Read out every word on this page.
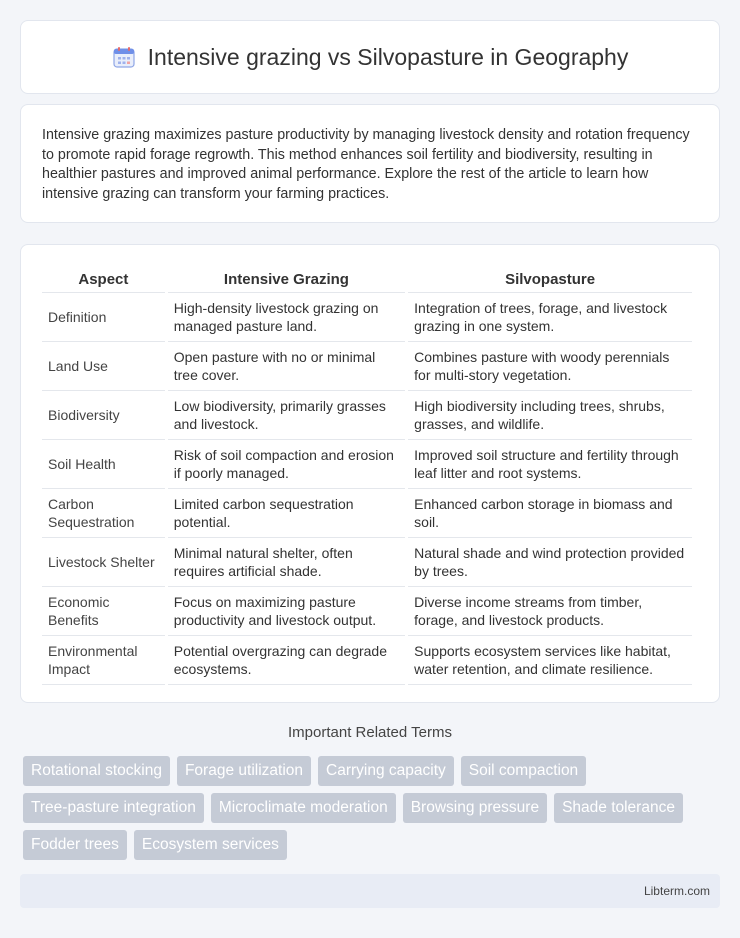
Intensive grazing vs Silvopasture in Geography

Intensive grazing maximizes pasture productivity by managing livestock density and rotation frequency to promote rapid forage regrowth. This method enhances soil fertility and biodiversity, resulting in healthier pastures and improved animal performance. Explore the rest of the article to learn how intensive grazing can transform your farming practices.

Aspect	Intensive Grazing	Silvopasture
Definition	High-density livestock grazing on managed pasture land.	Integration of trees, forage, and livestock grazing in one system.
Land Use	Open pasture with no or minimal tree cover.	Combines pasture with woody perennials for multi-story vegetation.
Biodiversity	Low biodiversity, primarily grasses and livestock.	High biodiversity including trees, shrubs, grasses, and wildlife.
Soil Health	Risk of soil compaction and erosion if poorly managed.	Improved soil structure and fertility through leaf litter and root systems.
Carbon Sequestration	Limited carbon sequestration potential.	Enhanced carbon storage in biomass and soil.
Livestock Shelter	Minimal natural shelter, often requires artificial shade.	Natural shade and wind protection provided by trees.
Economic Benefits	Focus on maximizing pasture productivity and livestock output.	Diverse income streams from timber, forage, and livestock products.
Environmental Impact	Potential overgrazing can degrade ecosystems.	Supports ecosystem services like habitat, water retention, and climate resilience.
Important Related Terms
Rotational stocking	Forage utilization	Carrying capacity	Soil compaction
Tree-pasture integration	Microclimate moderation	Browsing pressure	Shade tolerance
Fodder trees	Ecosystem services
Libterm.com
